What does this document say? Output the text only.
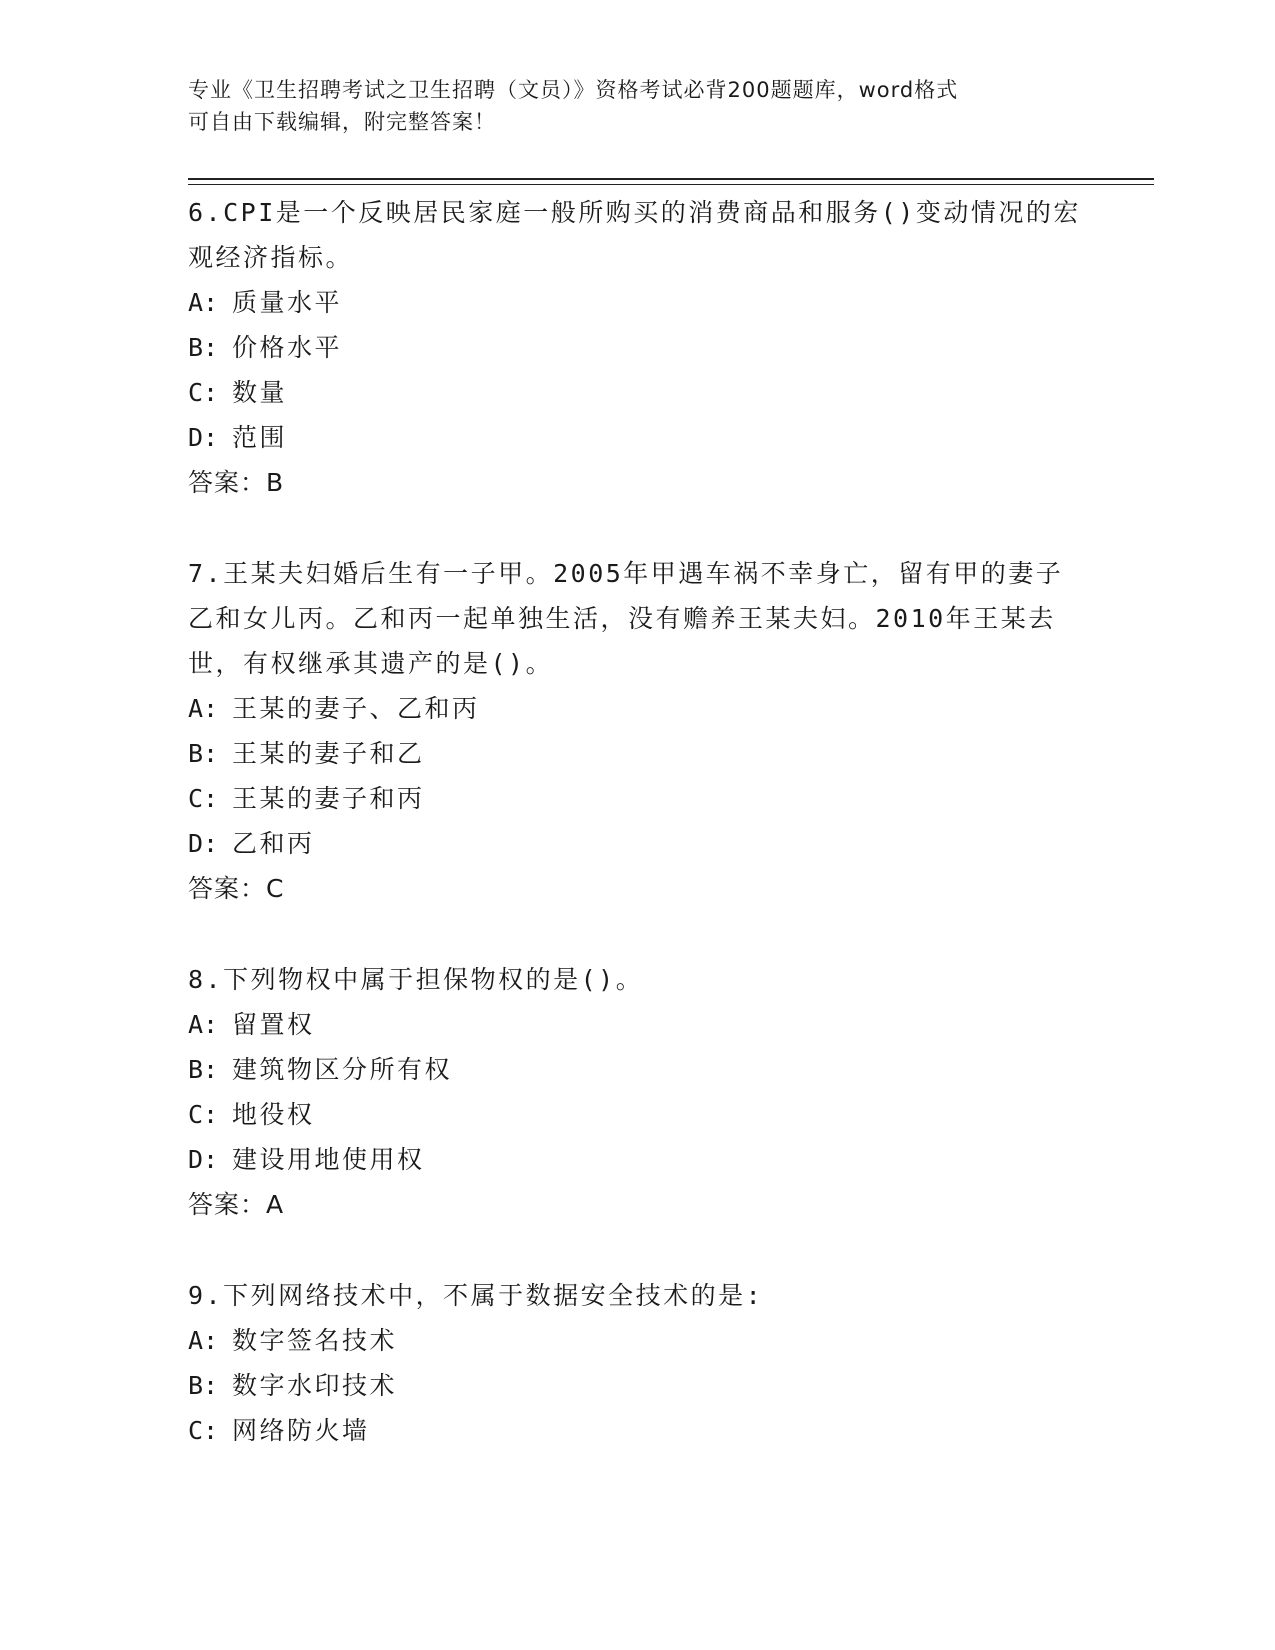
专业《卫生招聘考试之卫生招聘（文员）》资格考试必背200题题库，word格式
可自由下载编辑，附完整答案！
6.CPI是一个反映居民家庭一般所购买的消费商品和服务()变动情况的宏观经济指标。
A: 质量水平
B: 价格水平
C: 数量
D: 范围
答案：B
7.王某夫妇婚后生有一子甲。2005年甲遇车祸不幸身亡，留有甲的妻子乙和女儿丙。乙和丙一起单独生活，没有赡养王某夫妇。2010年王某去世，有权继承其遗产的是()。
A: 王某的妻子、乙和丙
B: 王某的妻子和乙
C: 王某的妻子和丙
D: 乙和丙
答案：C
8.下列物权中属于担保物权的是()。
A: 留置权
B: 建筑物区分所有权
C: 地役权
D: 建设用地使用权
答案：A
9.下列网络技术中，不属于数据安全技术的是:
A: 数字签名技术
B: 数字水印技术
C: 网络防火墙
